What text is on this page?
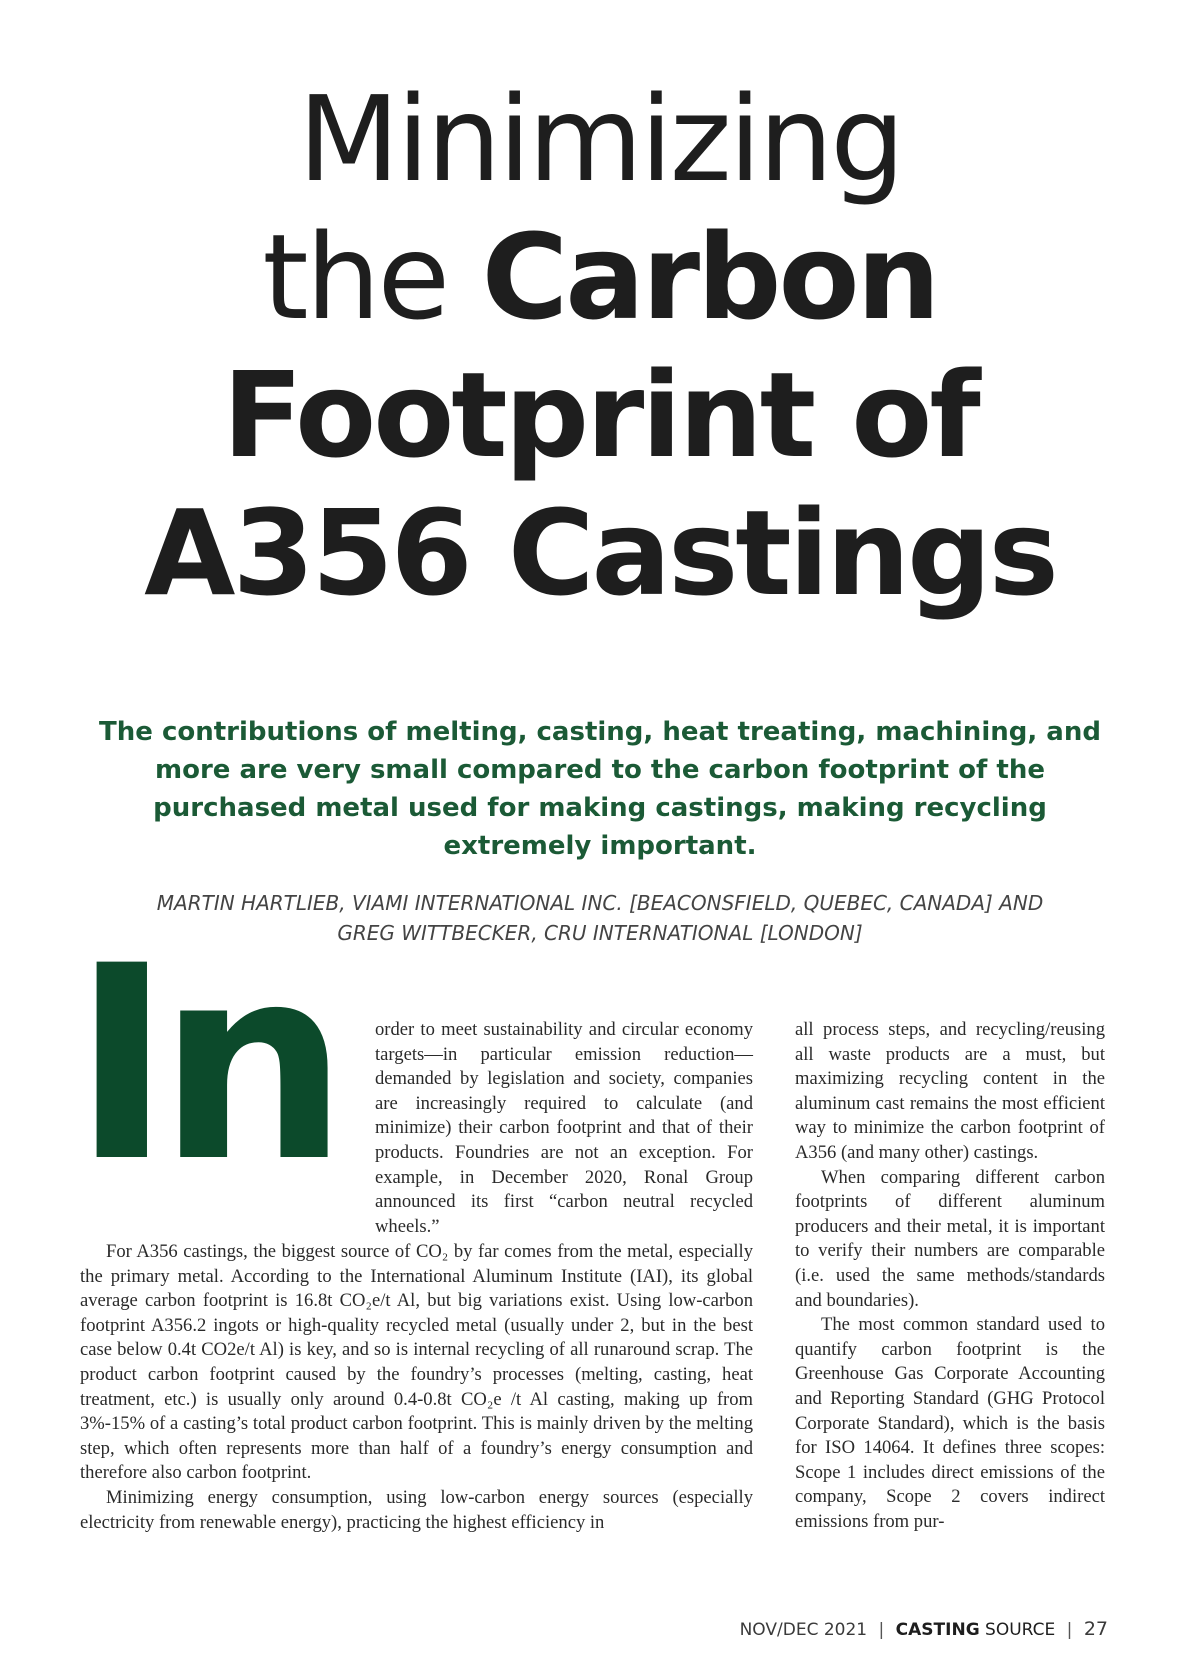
Minimizing
the Carbon
Footprint of
A356 Castings

The contributions of melting, casting, heat treating, machining, and more are very small compared to the carbon footprint of the purchased metal used for making castings, making recycling extremely important.

MARTIN HARTLIEB, VIAMI INTERNATIONAL INC. [BEACONSFIELD, QUEBEC, CANADA] AND
GREG WITTBECKER, CRU INTERNATIONAL [LONDON]
In order to meet sustainability and circular economy targets—in particular emission reduction—demanded by legislation and society, companies are increasingly required to calculate (and minimize) their carbon footprint and that of their products. Foundries are not an exception. For example, in December 2020, Ronal Group announced its first “carbon neutral recycled wheels.”

For A356 castings, the biggest source of CO₂ by far comes from the metal, especially the primary metal. According to the International Aluminum Institute (IAI), its global average carbon footprint is 16.8t CO₂e/t Al, but big variations exist. Using low-carbon footprint A356.2 ingots or high-quality recycled metal (usually under 2, but in the best case below 0.4t CO2e/t Al) is key, and so is internal recycling of all runaround scrap. The product carbon footprint caused by the foundry’s processes (melting, casting, heat treatment, etc.) is usually only around 0.4-0.8t CO₂e /t Al casting, making up from 3%-15% of a casting’s total product carbon footprint. This is mainly driven by the melting step, which often represents more than half of a foundry’s energy consumption and therefore also carbon footprint.

Minimizing energy consumption, using low-carbon energy sources (especially electricity from renewable energy), practicing the highest efficiency in

all process steps, and recycling/reusing all waste products are a must, but maximizing recycling content in the aluminum cast remains the most efficient way to minimize the carbon footprint of A356 (and many other) castings.

When comparing different carbon footprints of different aluminum producers and their metal, it is important to verify their numbers are comparable (i.e. used the same methods/standards and boundaries).

The most common standard used to quantify carbon footprint is the Greenhouse Gas Corporate Accounting and Reporting Standard (GHG Protocol Corporate Standard), which is the basis for ISO 14064. It defines three scopes: Scope 1 includes direct emissions of the company, Scope 2 covers indirect emissions from pur-

NOV/DEC 2021 | CASTING SOURCE | 27
